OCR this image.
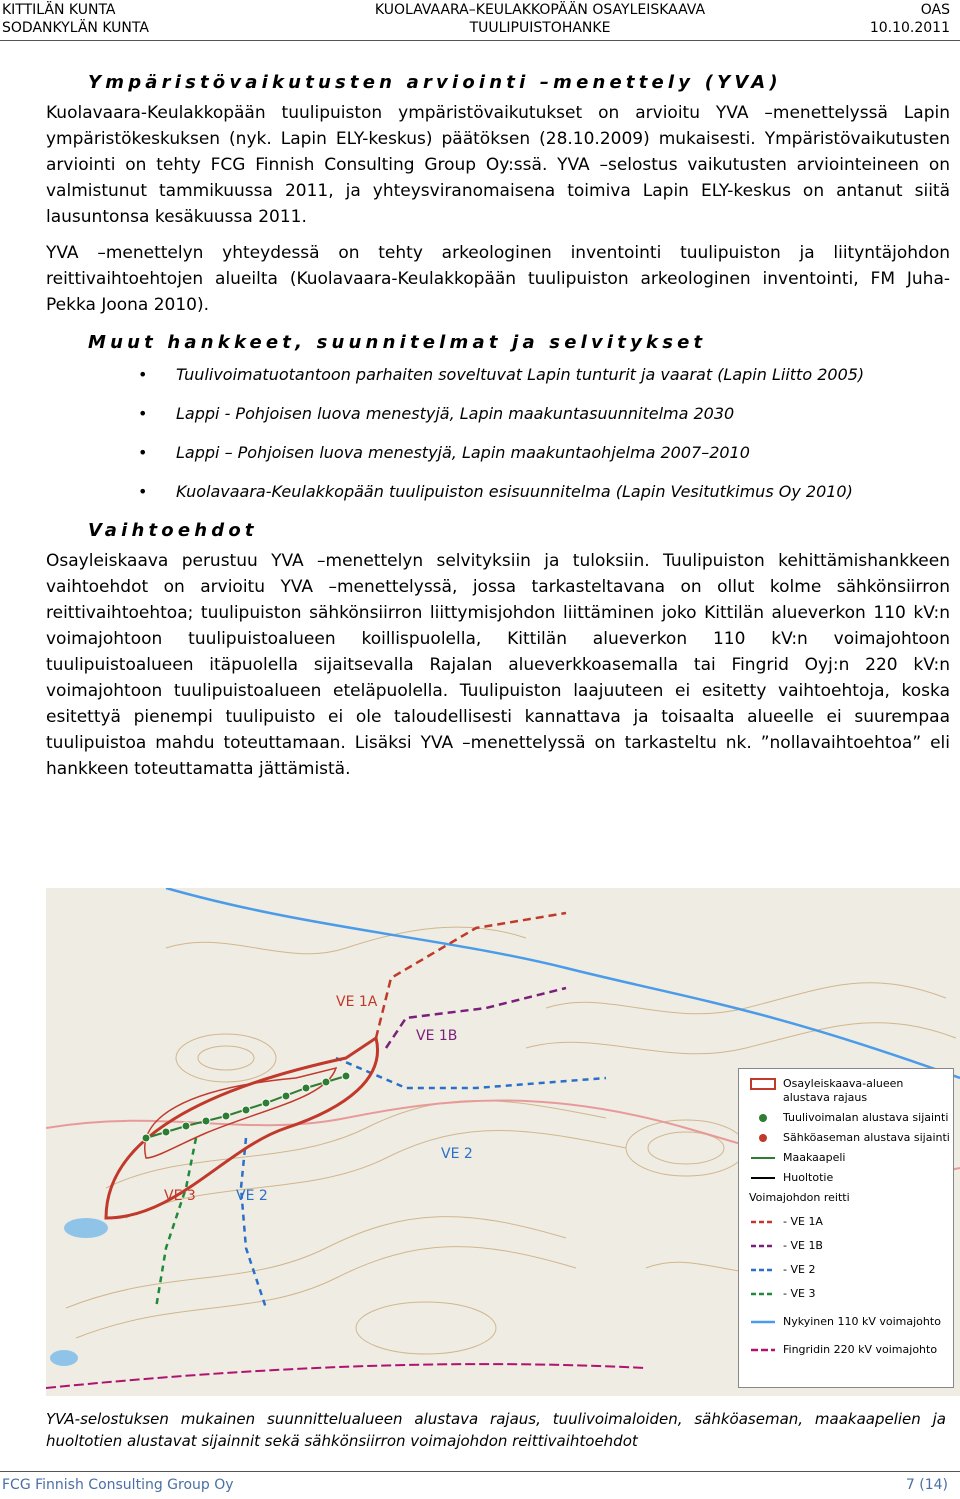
KITTILÄN KUNTA
SODANKYLÄN KUNTA
KUOLAVAARA–KEULAKKOPÄÄN OSAYLEISKAAVA
TUULIPUISTOHANKE
OAS
10.10.2011
Ympäristövaikutusten arviointi –menettely (YVA)

Kuolavaara-Keulakkopään tuulipuiston ympäristövaikutukset on arvioitu YVA –menettelyssä Lapin ympäristökeskuksen (nyk. Lapin ELY-keskus) päätöksen (28.10.2009) mukaisesti. Ympäristövaikutusten arviointi on tehty FCG Finnish Consulting Group Oy:ssä. YVA –selostus vaikutusten arviointeineen on valmistunut tammikuussa 2011, ja yhteysviranomaisena toimiva Lapin ELY-keskus on antanut siitä lausuntonsa kesäkuussa 2011.

YVA –menettelyn yhteydessä on tehty arkeologinen inventointi tuulipuiston ja liityntäjohdon reittivaihtoehtojen alueilta (Kuolavaara-Keulakkopään tuulipuiston arkeologinen inventointi, FM Juha-Pekka Joona 2010).

Muut hankkeet, suunnitelmat ja selvitykset
• Tuulivoimatuotantoon parhaiten soveltuvat Lapin tunturit ja vaarat (Lapin Liitto 2005)
• Lappi - Pohjoisen luova menestyjä, Lapin maakuntasuunnitelma 2030
• Lappi – Pohjoisen luova menestyjä, Lapin maakuntaohjelma 2007–2010
• Kuolavaara-Keulakkopään tuulipuiston esisuunnitelma (Lapin Vesitutkimus Oy 2010)
Vaihtoehdot

Osayleiskaava perustuu YVA –menettelyn selvityksiin ja tuloksiin. Tuulipuiston kehittämishankkeen vaihtoehdot on arvioitu YVA –menettelyssä, jossa tarkasteltavana on ollut kolme sähkönsiirron reittivaihtoehtoa; tuulipuiston sähkönsiirron liittymisjohdon liittäminen joko Kittilän alueverkon 110 kV:n voimajohtoon tuulipuistoalueen koillispuolella, Kittilän alueverkon 110 kV:n voimajohtoon tuulipuistoalueen itäpuolella sijaitsevalla Rajalan alueverkkoasemalla tai Fingrid Oyj:n 220 kV:n voimajohtoon tuulipuistoalueen eteläpuolella. Tuulipuiston laajuuteen ei esitetty vaihtoehtoja, koska esitettyä pienempi tuulipuisto ei ole taloudellisesti kannattava ja toisaalta alueelle ei suurempaa tuulipuistoa mahdu toteuttamaan. Lisäksi YVA –menettelyssä on tarkasteltu nk. ”nollavaihtoehtoa” eli hankkeen toteuttamatta jättämistä.

VE 1A
VE 1B
VE 2
VE 2
VE 3
Osayleiskaava-alueen alustava rajaus
Tuulivoimalan alustava sijainti
Sähköaseman alustava sijainti
Maakaapeli
Huoltotie
Voimajohdon reitti
- VE 1A
- VE 1B
- VE 2
- VE 3
Nykyinen 110 kV voimajohto
Fingridin 220 kV voimajohto
YVA-selostuksen mukainen suunnittelualueen alustava rajaus, tuulivoimaloiden, sähköaseman, maakaapelien ja huoltotien alustavat sijainnit sekä sähkönsiirron voimajohdon reittivaihtoehdot
FCG Finnish Consulting Group Oy	7 (14)
